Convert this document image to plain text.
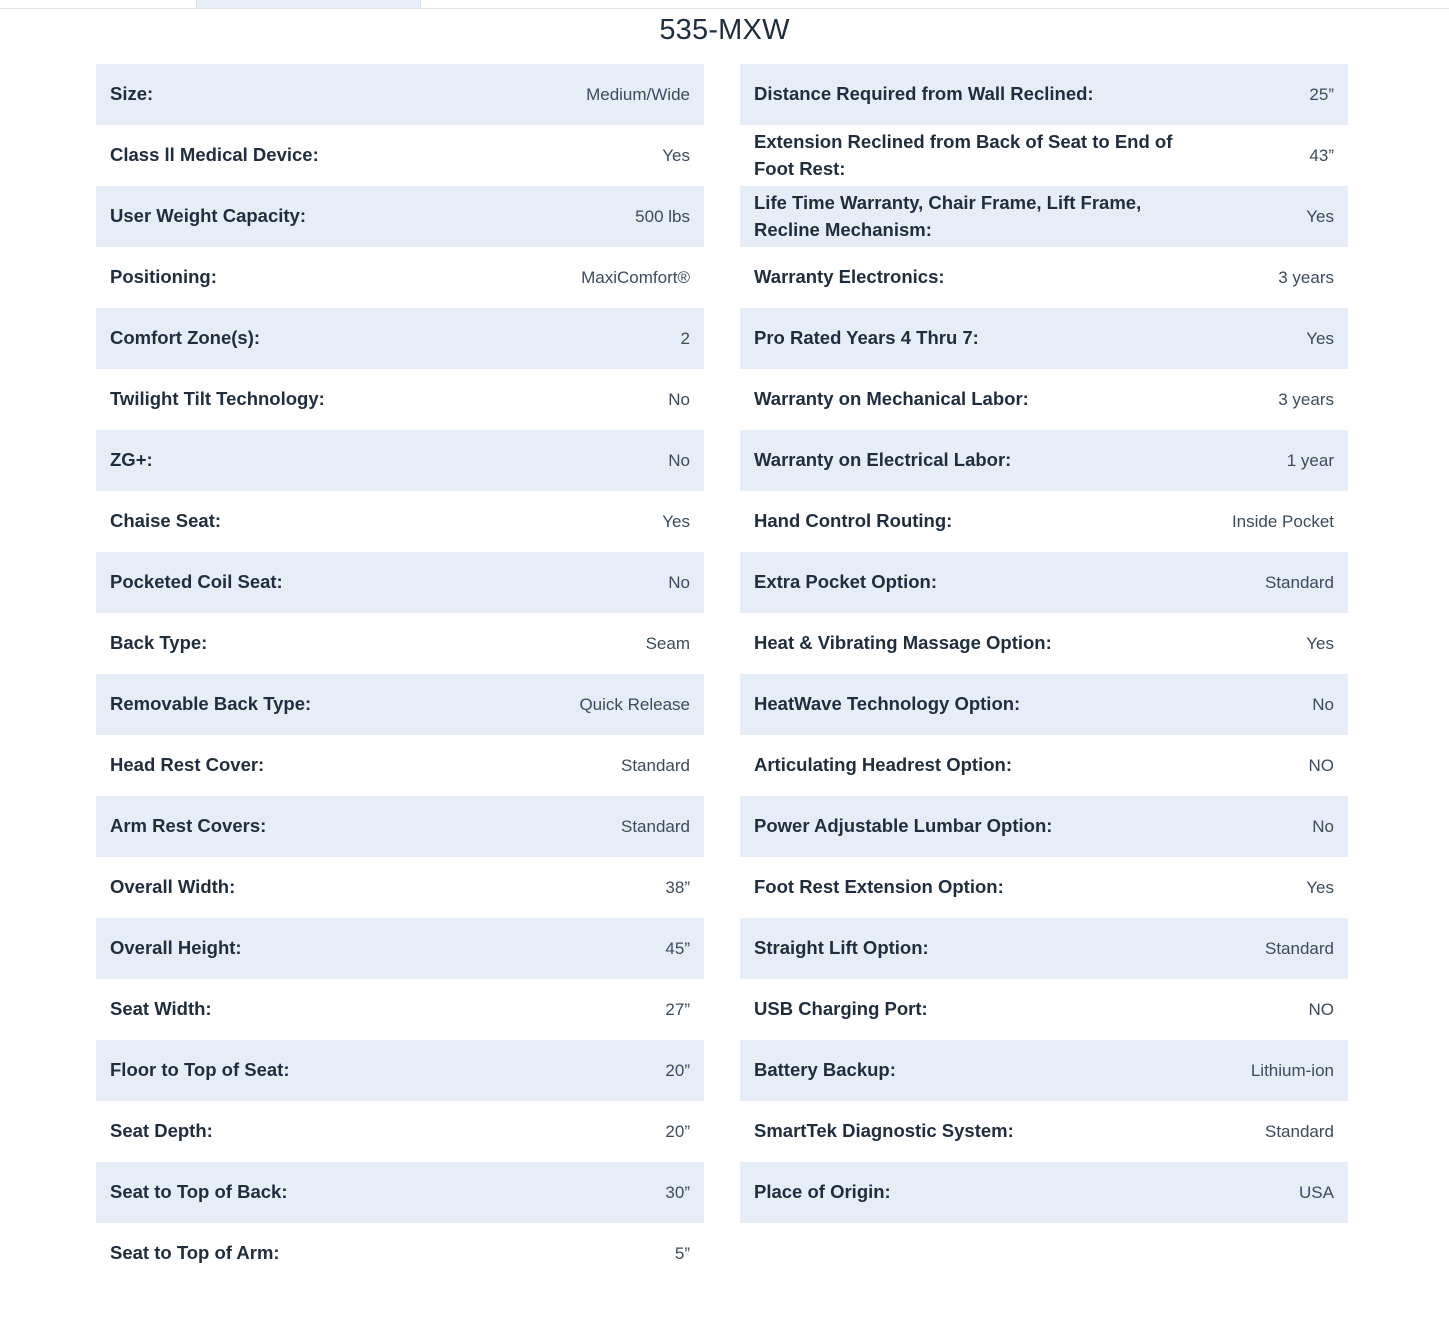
535-MXW
Size:	Medium/Wide
Class ll Medical Device:	Yes
User Weight Capacity:	500 lbs
Positioning:	MaxiComfort®
Comfort Zone(s):	2
Twilight Tilt Technology:	No
ZG+:	No
Chaise Seat:	Yes
Pocketed Coil Seat:	No
Back Type:	Seam
Removable Back Type:	Quick Release
Head Rest Cover:	Standard
Arm Rest Covers:	Standard
Overall Width:	38”
Overall Height:	45”
Seat Width:	27”
Floor to Top of Seat:	20”
Seat Depth:	20”
Seat to Top of Back:	30”
Seat to Top of Arm:	5”
Distance Required from Wall Reclined:	25”
Extension Reclined from Back of Seat to End of Foot Rest:
43”
Life Time Warranty, Chair Frame, Lift Frame, Recline Mechanism:
Yes
Warranty Electronics:	3 years
Pro Rated Years 4 Thru 7:	Yes
Warranty on Mechanical Labor:	3 years
Warranty on Electrical Labor:	1 year
Hand Control Routing:	Inside Pocket
Extra Pocket Option:	Standard
Heat & Vibrating Massage Option:	Yes
HeatWave Technology Option:	No
Articulating Headrest Option:	NO
Power Adjustable Lumbar Option:	No
Foot Rest Extension Option:	Yes
Straight Lift Option:	Standard
USB Charging Port:	NO
Battery Backup:	Lithium-ion
SmartTek Diagnostic System:	Standard
Place of Origin:	USA
